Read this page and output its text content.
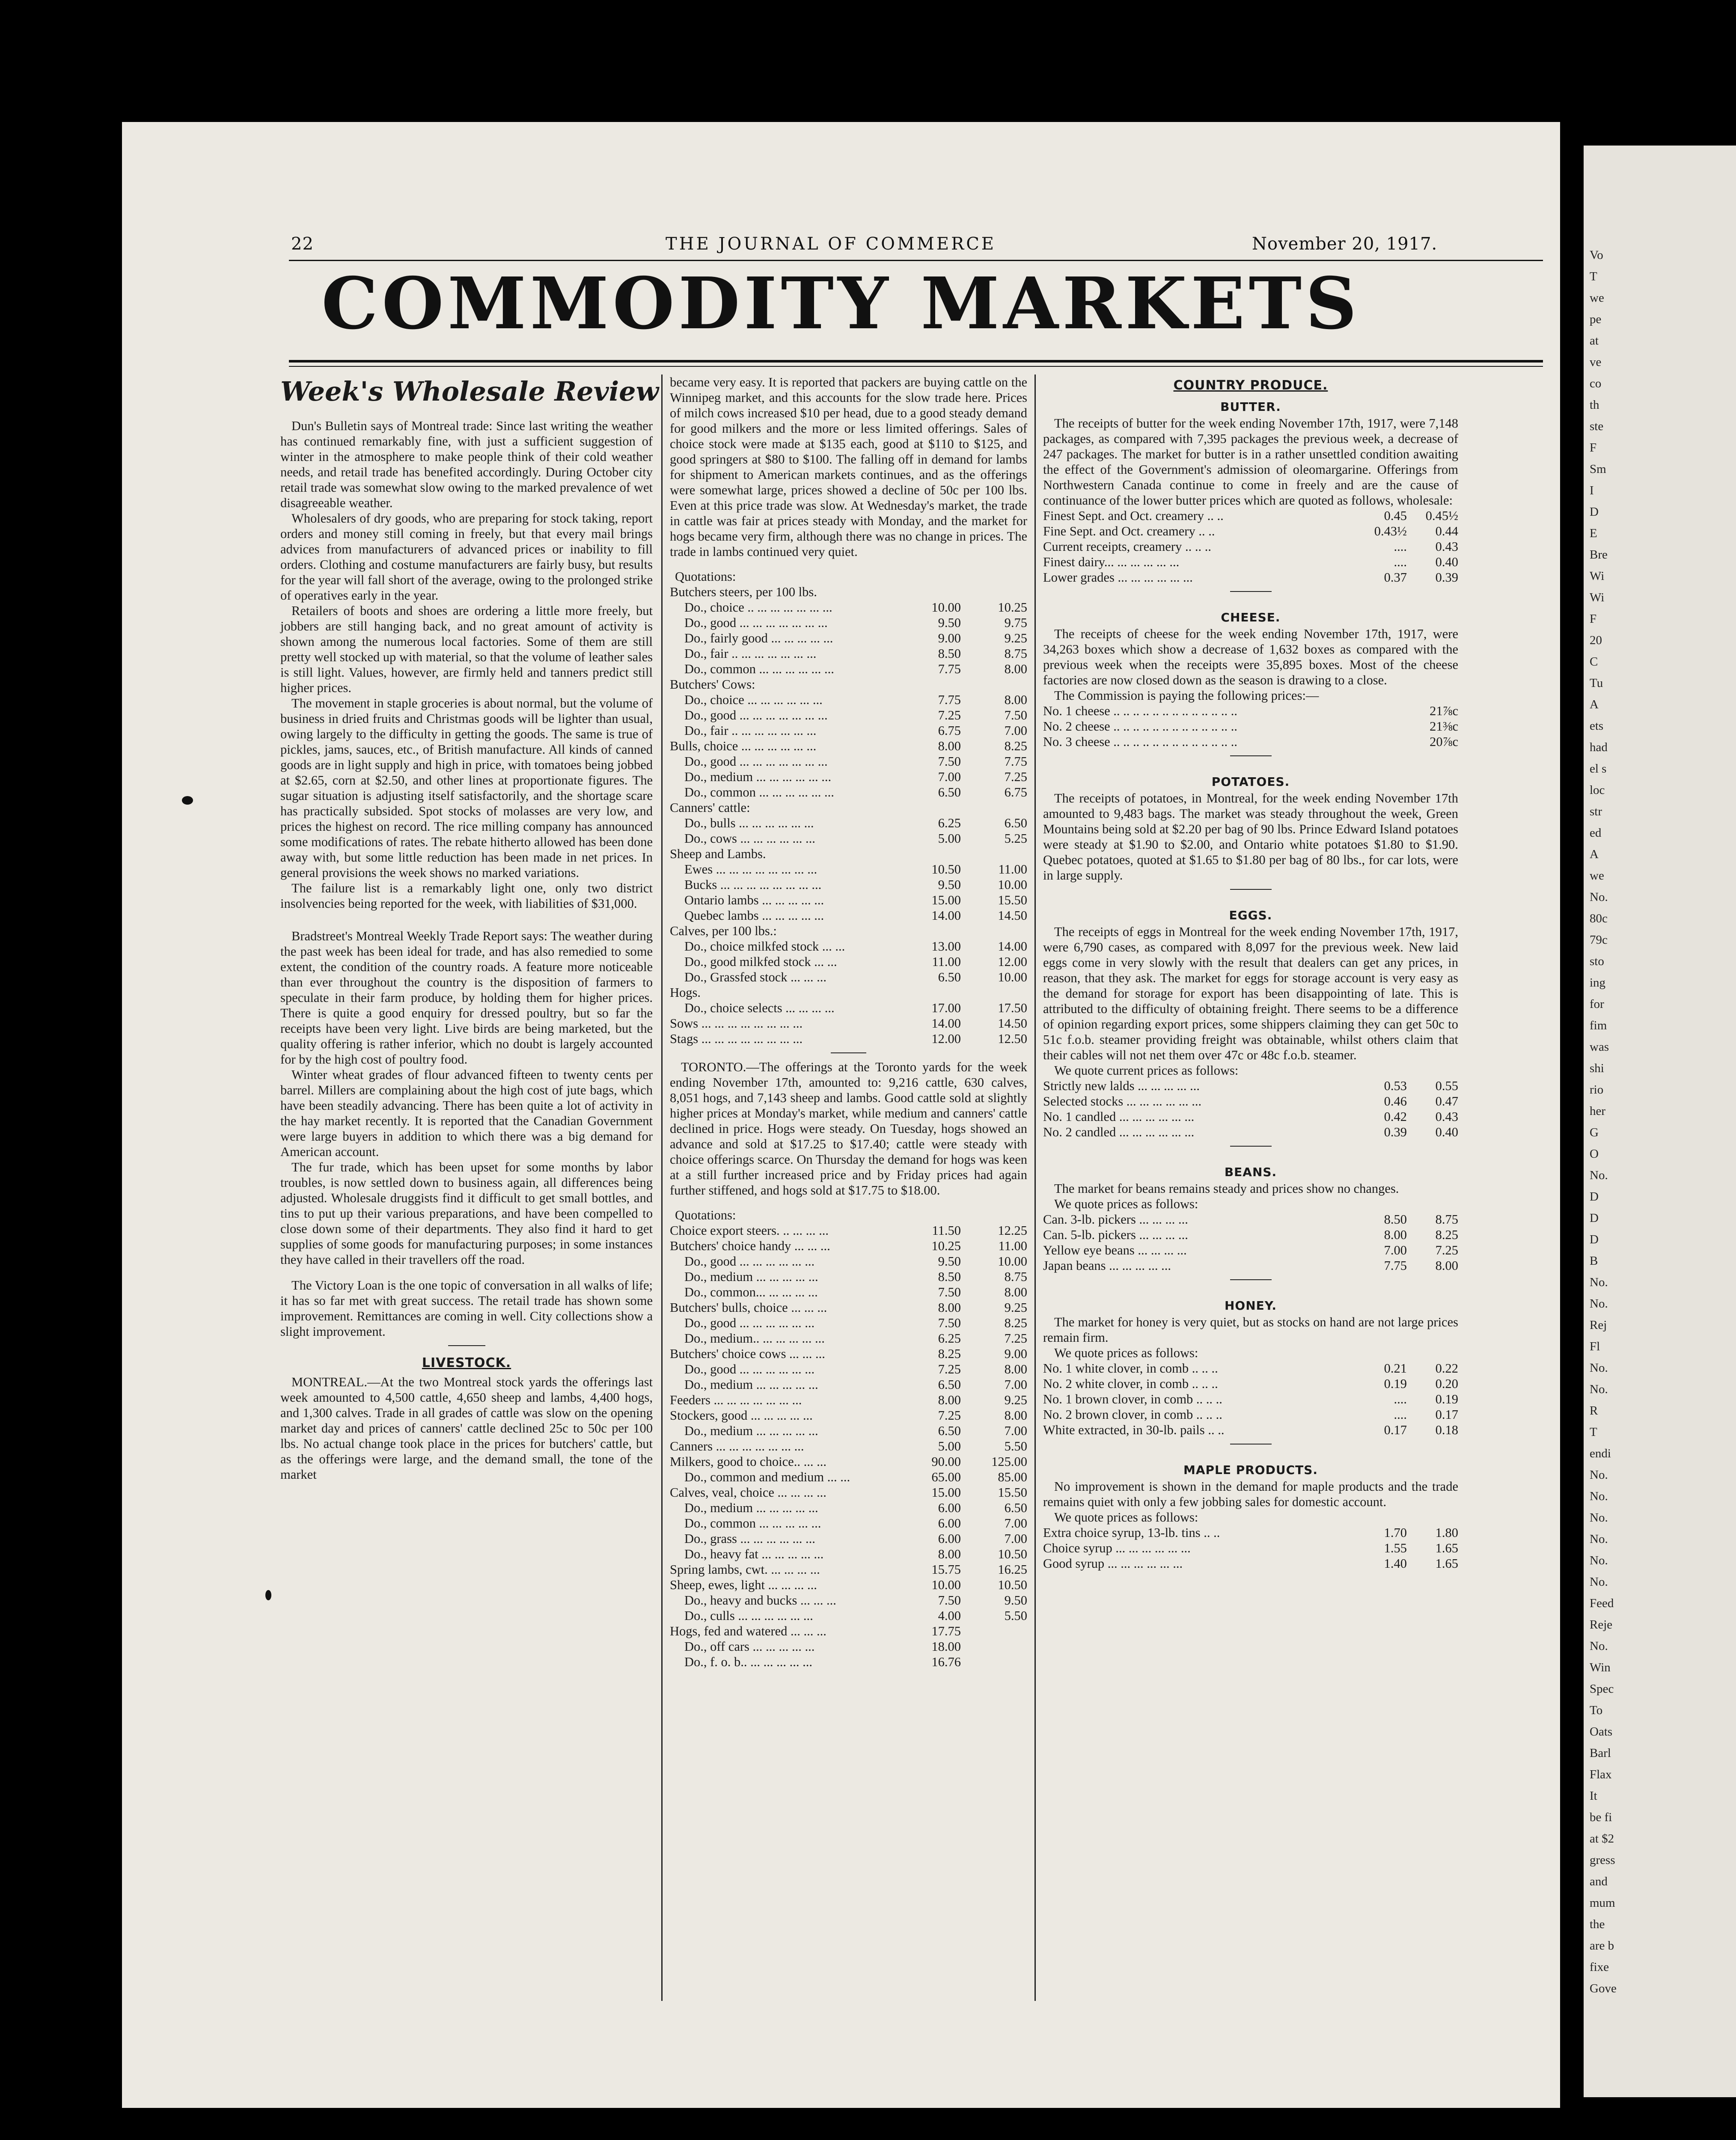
22	THE JOURNAL OF COMMERCE	November 20, 1917.
COMMODITY MARKETS
Week's Wholesale Review

Dun's Bulletin says of Montreal trade: Since last writing the weather has continued remarkably fine, with just a sufficient suggestion of winter in the atmosphere to make people think of their cold weather needs, and retail trade has benefited accordingly. During October city retail trade was somewhat slow owing to the marked prevalence of wet disagreeable weather.

Wholesalers of dry goods, who are preparing for stock taking, report orders and money still coming in freely, but that every mail brings advices from manufacturers of advanced prices or inability to fill orders. Clothing and costume manufacturers are fairly busy, but results for the year will fall short of the average, owing to the prolonged strike of operatives early in the year.

Retailers of boots and shoes are ordering a little more freely, but jobbers are still hanging back, and no great amount of activity is shown among the numerous local factories. Some of them are still pretty well stocked up with material, so that the volume of leather sales is still light. Values, however, are firmly held and tanners predict still higher prices.

The movement in staple groceries is about normal, but the volume of business in dried fruits and Christmas goods will be lighter than usual, owing largely to the difficulty in getting the goods. The same is true of pickles, jams, sauces, etc., of British manufacture. All kinds of canned goods are in light supply and high in price, with tomatoes being jobbed at $2.65, corn at $2.50, and other lines at proportionate figures. The sugar situation is adjusting itself satisfactorily, and the shortage scare has practically subsided. Spot stocks of molasses are very low, and prices the highest on record. The rice milling company has announced some modifications of rates. The rebate hitherto allowed has been done away with, but some little reduction has been made in net prices. In general provisions the week shows no marked variations.

The failure list is a remarkably light one, only two district insolvencies being reported for the week, with liabilities of $31,000.

Bradstreet's Montreal Weekly Trade Report says: The weather during the past week has been ideal for trade, and has also remedied to some extent, the condition of the country roads. A feature more noticeable than ever throughout the country is the disposition of farmers to speculate in their farm produce, by holding them for higher prices. There is quite a good enquiry for dressed poultry, but so far the receipts have been very light. Live birds are being marketed, but the quality offering is rather inferior, which no doubt is largely accounted for by the high cost of poultry food.

Winter wheat grades of flour advanced fifteen to twenty cents per barrel. Millers are complaining about the high cost of jute bags, which have been steadily advancing. There has been quite a lot of activity in the hay market recently. It is reported that the Canadian Government were large buyers in addition to which there was a big demand for American account.

The fur trade, which has been upset for some months by labor troubles, is now settled down to business again, all differences being adjusted. Wholesale druggists find it difficult to get small bottles, and tins to put up their various preparations, and have been compelled to close down some of their departments. They also find it hard to get supplies of some goods for manufacturing purposes; in some instances they have called in their travellers off the road.

The Victory Loan is the one topic of conversation in all walks of life; it has so far met with great success. The retail trade has shown some improvement. Remittances are coming in well. City collections show a slight improvement.

LIVESTOCK.

MONTREAL.—At the two Montreal stock yards the offerings last week amounted to 4,500 cattle, 4,650 sheep and lambs, 4,400 hogs, and 1,300 calves. Trade in all grades of cattle was slow on the opening market day and prices of canners' cattle declined 25c to 50c per 100 lbs. No actual change took place in the prices for butchers' cattle, but as the offerings were large, and the demand small, the tone of the market

became very easy. It is reported that packers are buying cattle on the Winnipeg market, and this accounts for the slow trade here. Prices of milch cows increased $10 per head, due to a good steady demand for good milkers and the more or less limited offerings. Sales of choice stock were made at $135 each, good at $110 to $125, and good springers at $80 to $100. The falling off in demand for lambs for shipment to American markets continues, and as the offerings were somewhat large, prices showed a decline of 50c per 100 lbs. Even at this price trade was slow. At Wednesday's market, the trade in cattle was fair at prices steady with Monday, and the market for hogs became very firm, although there was no change in prices. The trade in lambs continued very quiet.

Quotations:
Butchers steers, per 100 lbs.
Do., choice .. ... ... ... ... ... ...	10.00	10.25
Do., good ... ... ... ... ... ... ...	9.50	9.75
Do., fairly good ... ... ... ... ...	9.00	9.25
Do., fair .. ... ... ... ... ... ...	8.50	8.75
Do., common ... ... ... ... ... ...	7.75	8.00
Butchers' Cows:
Do., choice ... ... ... ... ... ...	7.75	8.00
Do., good ... ... ... ... ... ... ...	7.25	7.50
Do., fair .. ... ... ... ... ... ...	6.75	7.00
Bulls, choice ... ... ... ... ... ...	8.00	8.25
Do., good ... ... ... ... ... ... ...	7.50	7.75
Do., medium ... ... ... ... ... ...	7.00	7.25
Do., common ... ... ... ... ... ...	6.50	6.75
Canners' cattle:
Do., bulls ... ... ... ... ... ...	6.25	6.50
Do., cows ... ... ... ... ... ...	5.00	5.25
Sheep and Lambs.
Ewes ... ... ... ... ... ... ... ...	10.50	11.00
Bucks ... ... ... ... ... ... ... ...	9.50	10.00
Ontario lambs ... ... ... ... ...	15.00	15.50
Quebec lambs ... ... ... ... ...	14.00	14.50
Calves, per 100 lbs.:
Do., choice milkfed stock ... ...	13.00	14.00
Do., good milkfed stock ... ...	11.00	12.00
Do., Grassfed stock ... ... ...	6.50	10.00
Hogs.
Do., choice selects ... ... ... ...	17.00	17.50
Sows ... ... ... ... ... ... ... ...	14.00	14.50
Stags ... ... ... ... ... ... ... ...	12.00	12.50

TORONTO.—The offerings at the Toronto yards for the week ending November 17th, amounted to: 9,216 cattle, 630 calves, 8,051 hogs, and 7,143 sheep and lambs. Good cattle sold at slightly higher prices at Monday's market, while medium and canners' cattle declined in price. Hogs were steady. On Tuesday, hogs showed an advance and sold at $17.25 to $17.40; cattle were steady with choice offerings scarce. On Thursday the demand for hogs was keen at a still further increased price and by Friday prices had again further stiffened, and hogs sold at $17.75 to $18.00.

Quotations:
Choice export steers. .. ... ... ...	11.50	12.25
Butchers' choice handy ... ... ...	10.25	11.00
Do., good ... ... ... ... ... ...	9.50	10.00
Do., medium ... ... ... ... ...	8.50	8.75
Do., common... ... ... ... ...	7.50	8.00
Butchers' bulls, choice ... ... ...	8.00	9.25
Do., good ... ... ... ... ... ...	7.50	8.25
Do., medium.. ... ... ... ... ...	6.25	7.25
Butchers' choice cows ... ... ...	8.25	9.00
Do., good ... ... ... ... ... ...	7.25	8.00
Do., medium ... ... ... ... ...	6.50	7.00
Feeders ... ... ... ... ... ... ...	8.00	9.25
Stockers, good ... ... ... ... ...	7.25	8.00
Do., medium ... ... ... ... ...	6.50	7.00
Canners ... ... ... ... ... ... ...	5.00	5.50
Milkers, good to choice.. ... ...	90.00	125.00
Do., common and medium ... ...	65.00	85.00
Calves, veal, choice ... ... ... ...	15.00	15.50
Do., medium ... ... ... ... ...	6.00	6.50
Do., common ... ... ... ... ...	6.00	7.00
Do., grass ... ... ... ... ... ...	6.00	7.00
Do., heavy fat ... ... ... ... ...	8.00	10.50
Spring lambs, cwt. ... ... ... ...	15.75	16.25
Sheep, ewes, light ... ... ... ...	10.00	10.50
Do., heavy and bucks ... ... ...	7.50	9.50
Do., culls ... ... ... ... ... ...	4.00	5.50
Hogs, fed and watered ... ... ...	17.75
Do., off cars ... ... ... ... ...	18.00
Do., f. o. b.. ... ... ... ... ...	16.76
COUNTRY PRODUCE.
BUTTER.

The receipts of butter for the week ending November 17th, 1917, were 7,148 packages, as compared with 7,395 packages the previous week, a decrease of 247 packages. The market for butter is in a rather unsettled condition awaiting the effect of the Government's admission of oleomargarine. Offerings from Northwestern Canada continue to come in freely and are the cause of continuance of the lower butter prices which are quoted as follows, wholesale:

Finest Sept. and Oct. creamery .. ..	0.45	0.45½
Fine Sept. and Oct. creamery .. ..	0.43½	0.44
Current receipts, creamery .. .. ..	....	0.43
Finest dairy... ... ... ... ... ...	....	0.40
Lower grades ... ... ... ... ... ...	0.37	0.39
CHEESE.

The receipts of cheese for the week ending November 17th, 1917, were 34,263 boxes which show a decrease of 1,632 boxes as compared with the previous week when the receipts were 35,895 boxes. Most of the cheese factories are now closed down as the season is drawing to a close.

The Commission is paying the following prices:—

No. 1 cheese .. .. .. .. .. .. .. .. .. .. .. .. ..	21⅞c
No. 2 cheese .. .. .. .. .. .. .. .. .. .. .. .. ..	21⅜c
No. 3 cheese .. .. .. .. .. .. .. .. .. .. .. .. ..	20⅞c
POTATOES.

The receipts of potatoes, in Montreal, for the week ending November 17th amounted to 9,483 bags. The market was steady throughout the week, Green Mountains being sold at $2.20 per bag of 90 lbs. Prince Edward Island potatoes were steady at $1.90 to $2.00, and Ontario white potatoes $1.80 to $1.90. Quebec potatoes, quoted at $1.65 to $1.80 per bag of 80 lbs., for car lots, were in large supply.

EGGS.

The receipts of eggs in Montreal for the week ending November 17th, 1917, were 6,790 cases, as compared with 8,097 for the previous week. New laid eggs come in very slowly with the result that dealers can get any prices, in reason, that they ask. The market for eggs for storage account is very easy as the demand for storage for export has been disappointing of late. This is attributed to the difficulty of obtaining freight. There seems to be a difference of opinion regarding export prices, some shippers claiming they can get 50c to 51c f.o.b. steamer providing freight was obtainable, whilst others claim that their cables will not net them over 47c or 48c f.o.b. steamer.

We quote current prices as follows:

Strictly new lalds ... ... ... ... ...	0.53	0.55
Selected stocks ... ... ... ... ... ...	0.46	0.47
No. 1 candled ... ... ... ... ... ...	0.42	0.43
No. 2 candled ... ... ... ... ... ...	0.39	0.40
BEANS.

The market for beans remains steady and prices show no changes.

We quote prices as follows:

Can. 3-lb. pickers ... ... ... ...	8.50	8.75
Can. 5-lb. pickers ... ... ... ...	8.00	8.25
Yellow eye beans ... ... ... ...	7.00	7.25
Japan beans ... ... ... ... ...	7.75	8.00
HONEY.

The market for honey is very quiet, but as stocks on hand are not large prices remain firm.

We quote prices as follows:

No. 1 white clover, in comb .. .. ..	0.21	0.22
No. 2 white clover, in comb .. .. ..	0.19	0.20
No. 1 brown clover, in comb .. .. ..	....	0.19
No. 2 brown clover, in comb .. .. ..	....	0.17
White extracted, in 30-lb. pails .. ..	0.17	0.18
MAPLE PRODUCTS.

No improvement is shown in the demand for maple products and the trade remains quiet with only a few jobbing sales for domestic account.

We quote prices as follows:

Extra choice syrup, 13-lb. tins .. ..	1.70	1.80
Choice syrup ... ... ... ... ... ...	1.55	1.65
Good syrup ... ... ... ... ... ...	1.40	1.65
Vo
T
we
pe
at
ve
co
th
ste
F
Sm
I
D
E
Bre
Wi
Wi
F
20
C
Tu
A
ets
had
el s
loc
str
ed
A
we
No.
80c
79c
sto
ing
for
fim
was
shi
rio
her
G
O
No.
D
D
D
B
No.
No.
Rej
Fl
No.
No.
R
T
endi
No.
No.
No.
No.
No.
No.
Feed
Reje
No.
Win
Spec
To
Oats
Barl
Flax
It
be fi
at $2
gress
and
mum
the
are b
fixe
Gove
